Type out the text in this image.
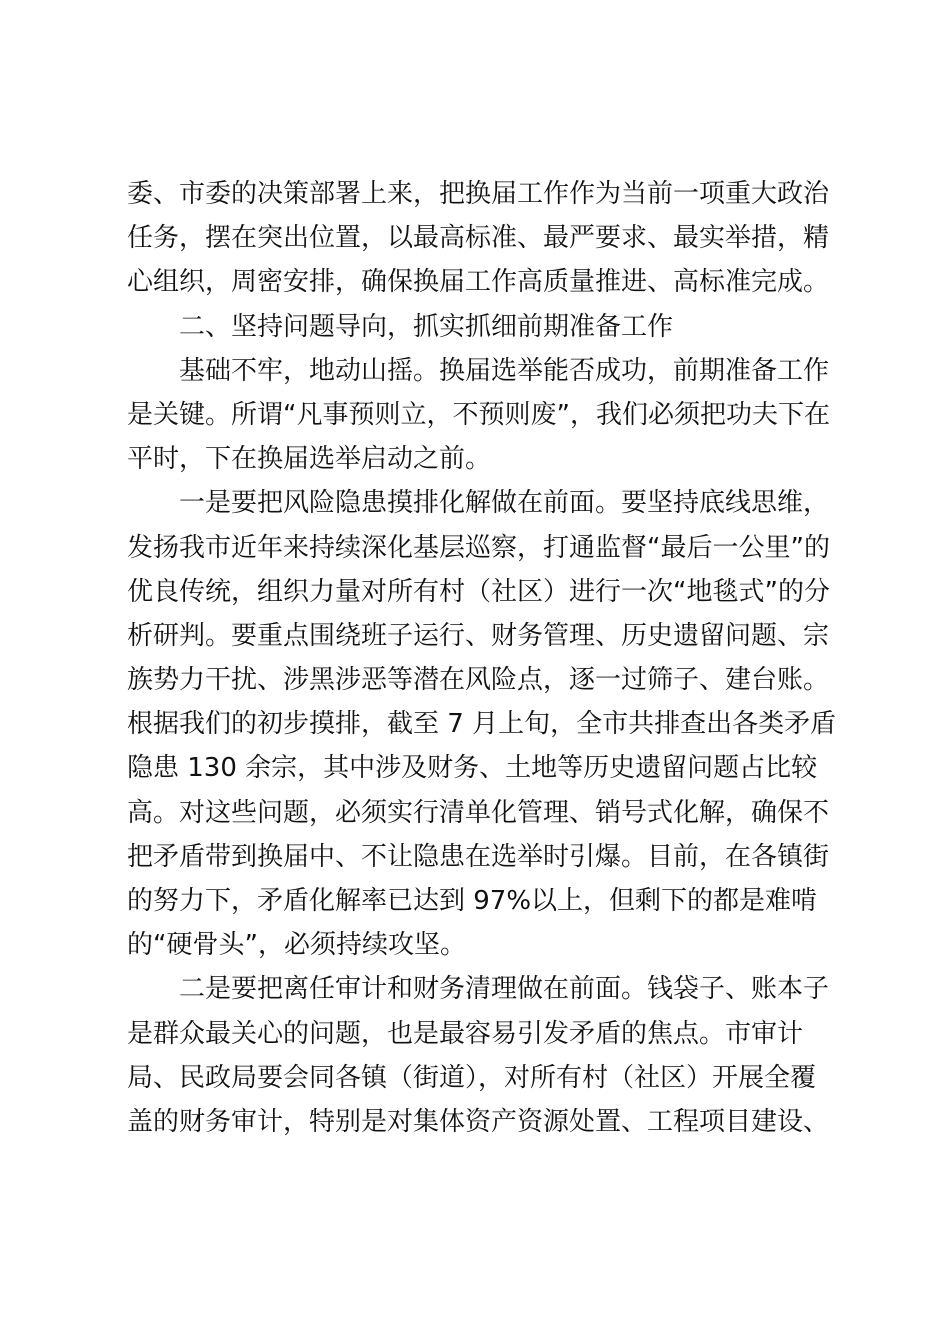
委、市委的决策部署上来，把换届工作作为当前一项重大政治
任务，摆在突出位置，以最高标准、最严要求、最实举措，精
心组织，周密安排，确保换届工作高质量推进、高标准完成。
二、坚持问题导向，抓实抓细前期准备工作
基础不牢，地动山摇。换届选举能否成功，前期准备工作
是关键。所谓“凡事预则立，不预则废”，我们必须把功夫下在
平时，下在换届选举启动之前。
一是要把风险隐患摸排化解做在前面。要坚持底线思维，
发扬我市近年来持续深化基层巡察，打通监督“最后一公里”的
优良传统，组织力量对所有村（社区）进行一次“地毯式”的分
析研判。要重点围绕班子运行、财务管理、历史遗留问题、宗
族势力干扰、涉黑涉恶等潜在风险点，逐一过筛子、建台账。
根据我们的初步摸排，截至 7 月上旬，全市共排查出各类矛盾
隐患 130 余宗，其中涉及财务、土地等历史遗留问题占比较
高。对这些问题，必须实行清单化管理、销号式化解，确保不
把矛盾带到换届中、不让隐患在选举时引爆。目前，在各镇街
的努力下，矛盾化解率已达到 97%以上，但剩下的都是难啃
的“硬骨头”，必须持续攻坚。
二是要把离任审计和财务清理做在前面。钱袋子、账本子
是群众最关心的问题，也是最容易引发矛盾的焦点。市审计
局、民政局要会同各镇（街道），对所有村（社区）开展全覆
盖的财务审计，特别是对集体资产资源处置、工程项目建设、
